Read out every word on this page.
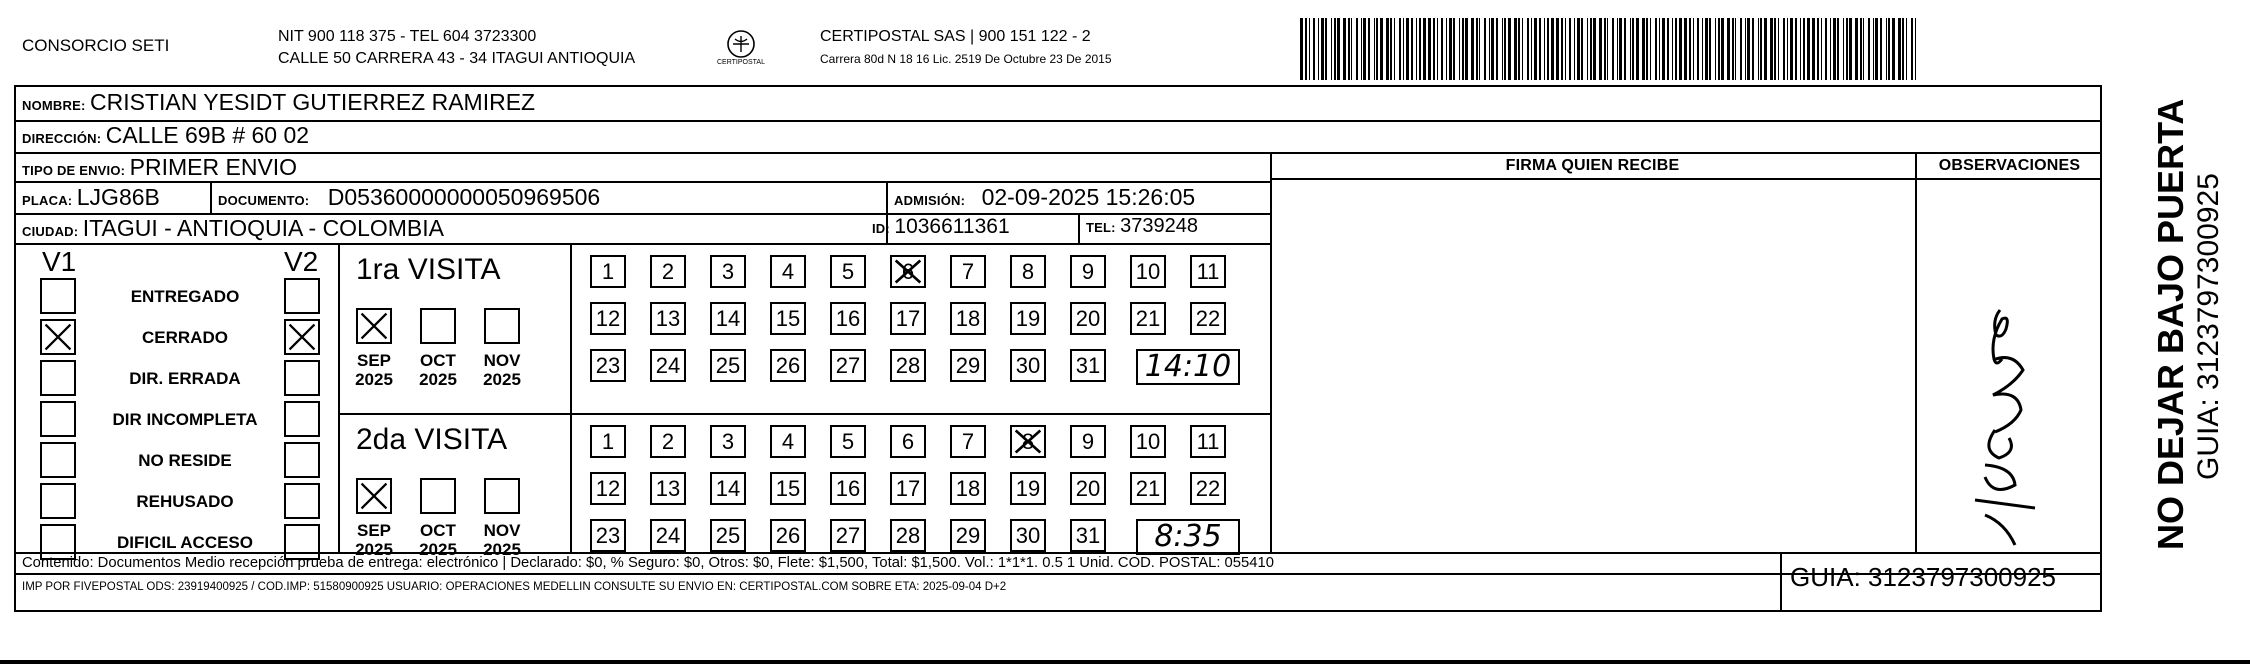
CONSORCIO SETI	NIT 900 118 375 - TEL 604 3723300
CALLE 50 CARRERA 43 - 34 ITAGUI ANTIOQUIA	CERTIPOSTAL
CERTIPOSTAL SAS | 900 151 122 - 2
Carrera 80d N 18 16 Lic. 2519 De Octubre 23 De 2015
NOMBRE: CRISTIAN YESIDT GUTIERREZ RAMIREZ
DIRECCIÓN: CALLE 69B # 60 02
TIPO DE ENVIO: PRIMER ENVIO
PLACA: LJG86B	DOCUMENTO: D05360000000050969506	ADMISIÓN: 02-09-2025 15:26:05
CIUDAD: ITAGUI - ANTIOQUIA - COLOMBIA	ID: 1036611361	TEL: 3739248
FIRMA QUIEN RECIBE	OBSERVACIONES
V1	V2
ENTREGADO
CERRADO
DIR. ERRADA
DIR INCOMPLETA
NO RESIDE
REHUSADO
DIFICIL ACCESO
1ra VISITA
SEP
2025
OCT
2025
NOV
2025
1	2	3	4	5	6	7	8	9	10 11
12 13 14 15 16 17 18 19 20 21 22
23 24 25 26 27 28 29 30 31 14:10
2da VISITA
SEP
2025
OCT
2025
NOV
2025
1	2	3	4	5	6	7	8	9	10 11
12 13 14 15 16 17 18 19 20 21 22
23 24 25 26 27 28 29 30 31	8:35
Contenido: Documentos Medio recepción prueba de entrega: electrónico | Declarado: $0, % Seguro: $0, Otros: $0, Flete: $1,500, Total: $1,500. Vol.: 1*1*1. 0.5 1 Unid. COD. POSTAL: 055410
IMP POR FIVEPOSTAL ODS: 23919400925 / COD.IMP: 51580900925 USUARIO: OPERACIONES MEDELLIN CONSULTE SU ENVIO EN: CERTIPOSTAL.COM SOBRE ETA: 2025-09-04 D+2	GUIA: 3123797300925
NO DEJAR BAJO PUERTA GUIA: 3123797300925
